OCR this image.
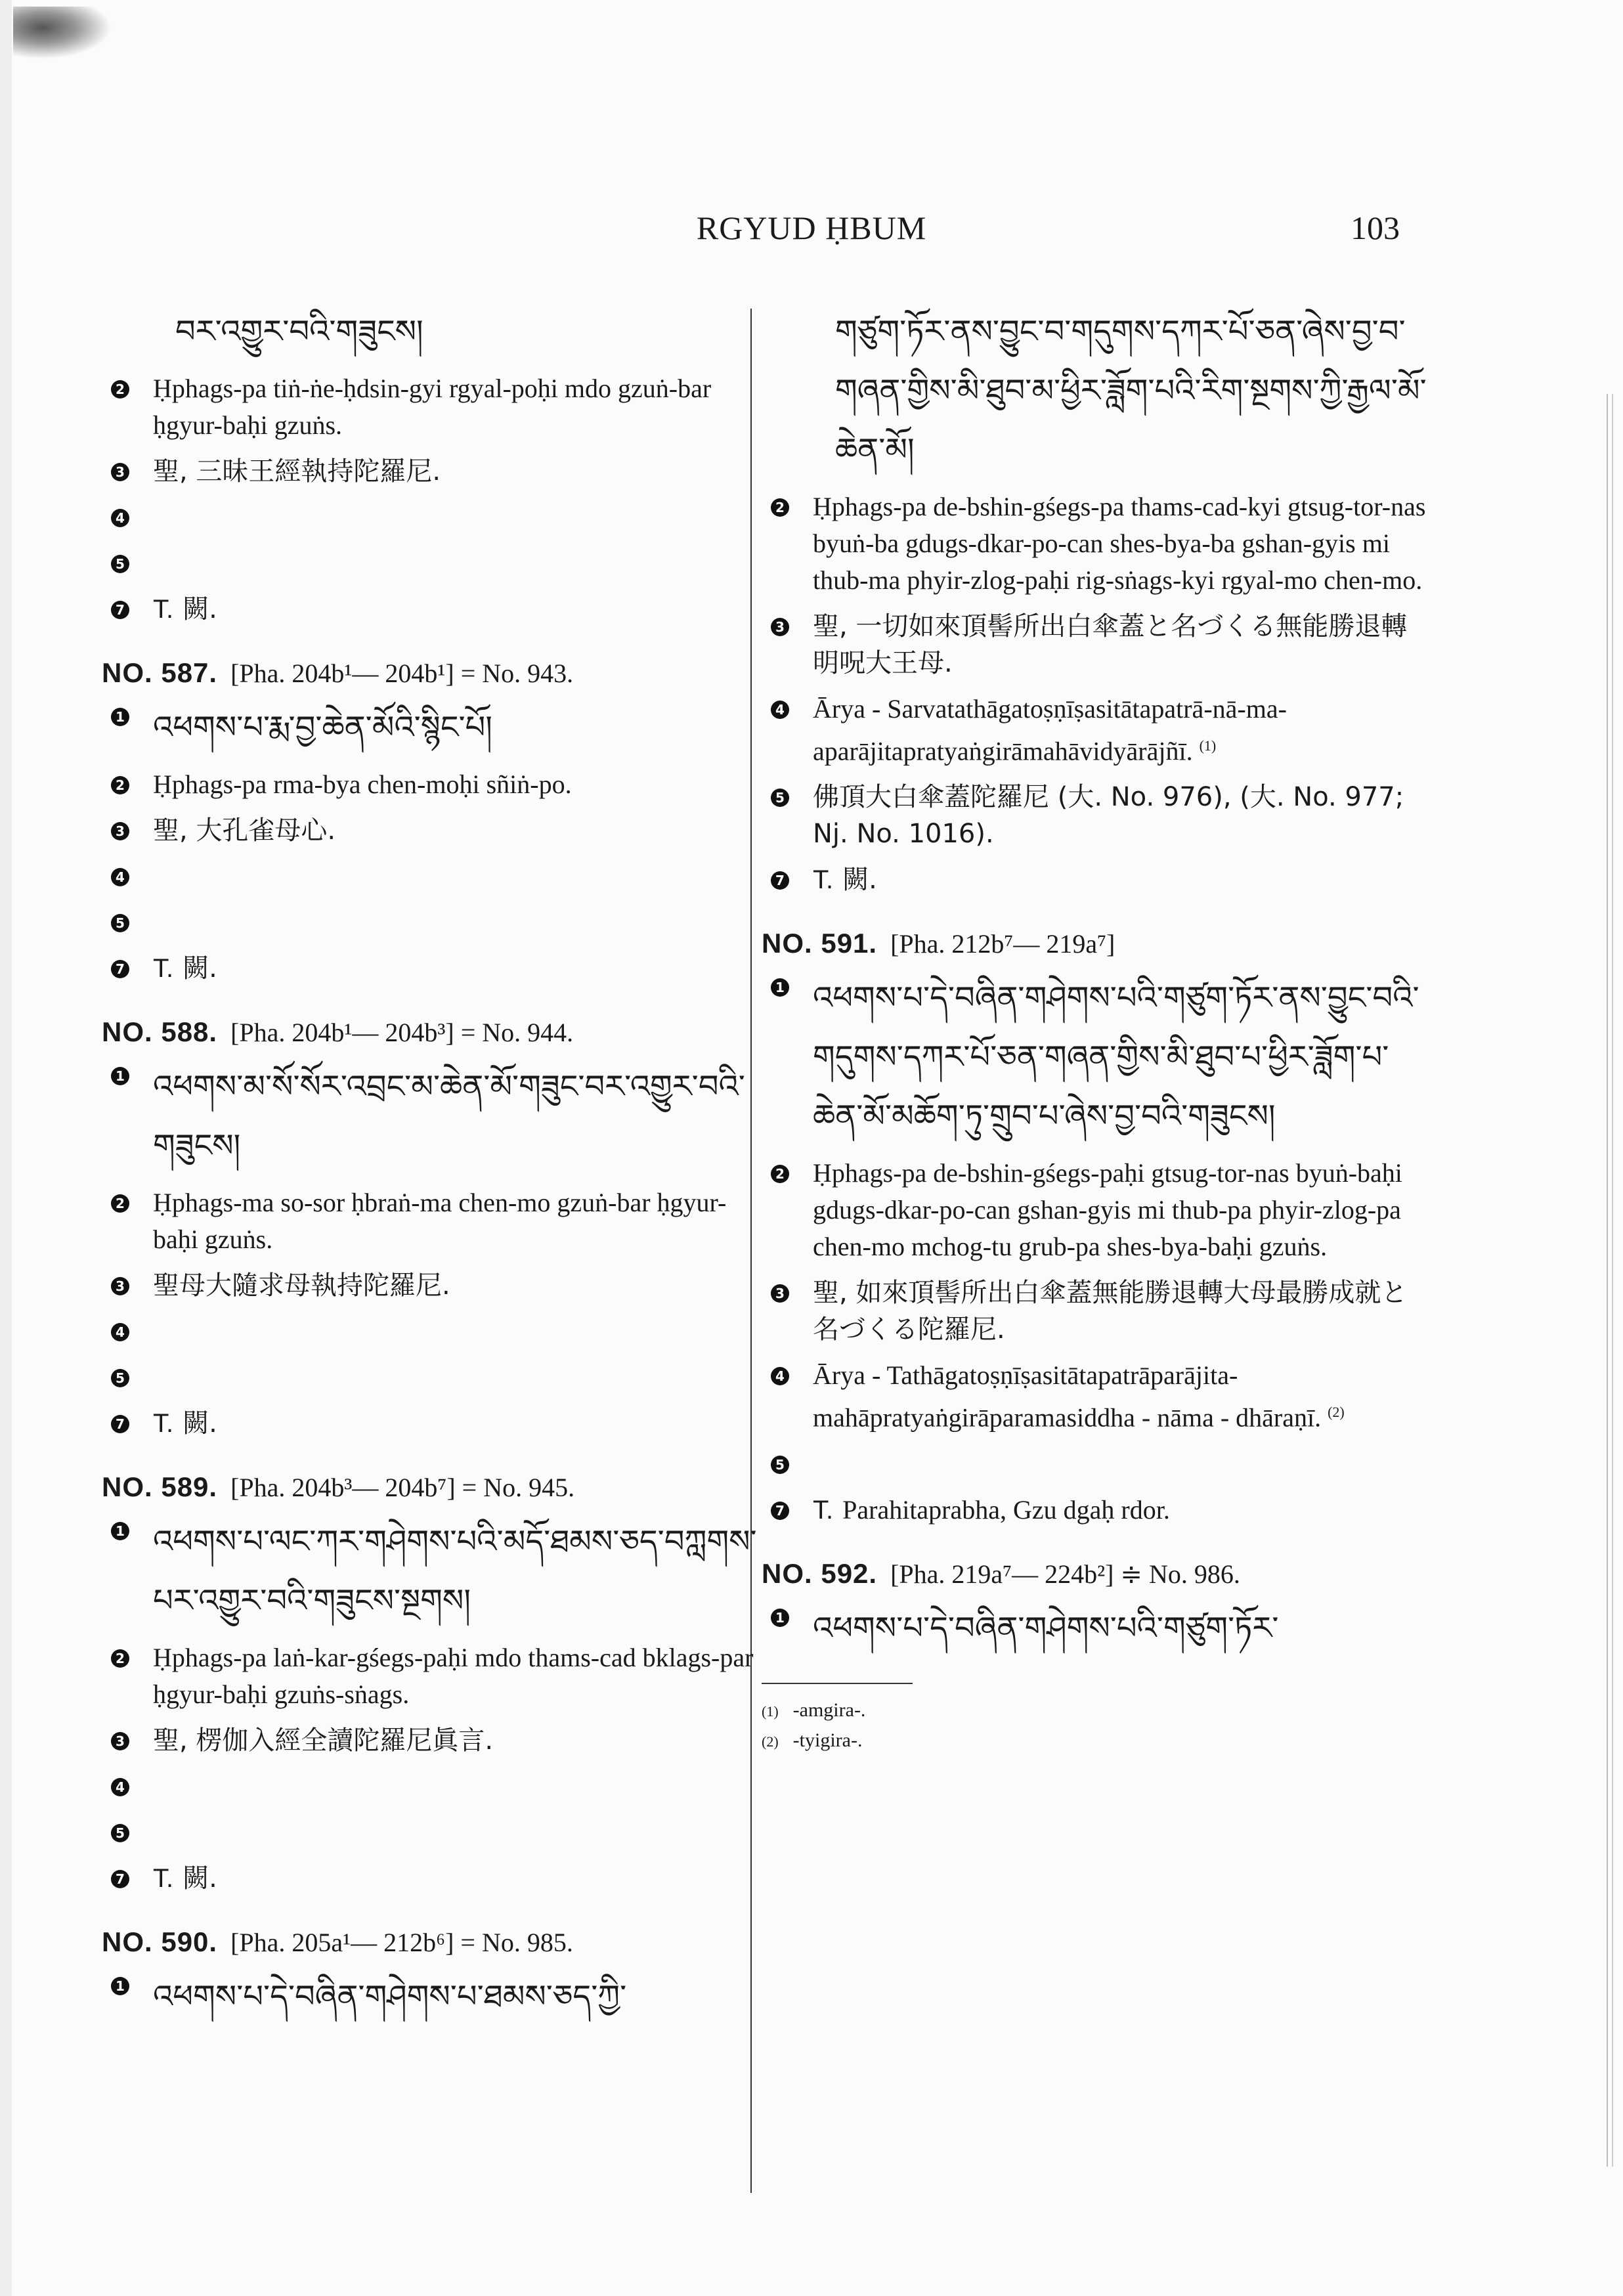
RGYUD ḤBUM	103
བར་འགྱུར་བའི་གཟུངས།
2 Ḥphags-pa tiṅ-ṅe-ḥdsin-gyi rgyal-poḥi mdo gzuṅ-bar ḥgyur-baḥi gzuṅs.
3 聖, 三昧王經執持陀羅尼.
4

5

7 T. 闕.
NO. 587. [Pha. 204b¹— 204b¹] = No. 943.
1 འཕགས་པ་རྨ་བྱ་ཆེན་མོའི་སྙིང་པོ།
2 Ḥphags-pa rma-bya chen-moḥi sñiṅ-po.
3 聖, 大孔雀母心.
4

5

7 T. 闕.
NO. 588. [Pha. 204b¹— 204b³] = No. 944.
1 འཕགས་མ་སོ་སོར་འབྲང་མ་ཆེན་མོ་གཟུང་བར་འགྱུར་བའི་གཟུངས།
2 Ḥphags-ma so-sor ḥbraṅ-ma chen-mo gzuṅ-bar ḥgyur-baḥi gzuṅs.
3 聖母大隨求母執持陀羅尼.
4

5

7 T. 闕.
NO. 589. [Pha. 204b³— 204b⁷] = No. 945.
1 འཕགས་པ་ལང་ཀར་གཤེགས་པའི་མདོ་ཐམས་ཅད་བཀླགས་པར་འགྱུར་བའི་གཟུངས་སྔགས།
2 Ḥphags-pa laṅ-kar-gśegs-paḥi mdo thams-cad bklags-par ḥgyur-baḥi gzuṅs-sṅags.
3 聖, 楞伽入經全讀陀羅尼眞言.
4

5

7 T. 闕.
NO. 590. [Pha. 205a¹— 212b⁶] = No. 985.
1 འཕགས་པ་དེ་བཞིན་གཤེགས་པ་ཐམས་ཅད་ཀྱི་
གཙུག་ཏོར་ནས་བྱུང་བ་གདུགས་དཀར་པོ་ཅན་ཞེས་བྱ་བ་གཞན་གྱིས་མི་ཐུབ་མ་ཕྱིར་ཟློག་པའི་རིག་སྔགས་ཀྱི་རྒྱལ་མོ་ཆེན་མོ།
2 Ḥphags-pa de-bshin-gśegs-pa thams-cad-kyi gtsug-tor-nas byuṅ-ba gdugs-dkar-po-can shes-bya-ba gshan-gyis mi thub-ma phyir-zlog-paḥi rig-sṅags-kyi rgyal-mo chen-mo.
3 聖, 一切如來頂髻所出白傘蓋と名づくる無能勝退轉明呪大王母.
4 Ārya - Sarvatathāgatoṣṇīṣasitātapatrā-nā-ma-aparājitapratyaṅgirāmahāvidyārājñī. $^{(1)}$
5 佛頂大白傘蓋陀羅尼 (大. No. 976), (大. No. 977; Nj. No. 1016).
7 T. 闕.
NO. 591. [Pha. 212b⁷— 219a⁷]
1 འཕགས་པ་དེ་བཞིན་གཤེགས་པའི་གཙུག་ཏོར་ནས་བྱུང་བའི་གདུགས་དཀར་པོ་ཅན་གཞན་གྱིས་མི་ཐུབ་པ་ཕྱིར་ཟློག་པ་ཆེན་མོ་མཆོག་ཏུ་གྲུབ་པ་ཞེས་བྱ་བའི་གཟུངས།
2 Ḥphags-pa de-bshin-gśegs-paḥi gtsug-tor-nas byuṅ-baḥi gdugs-dkar-po-can gshan-gyis mi thub-pa phyir-zlog-pa chen-mo mchog-tu grub-pa shes-bya-baḥi gzuṅs.
3 聖, 如來頂髻所出白傘蓋無能勝退轉大母最勝成就と名づくる陀羅尼.
4 Ārya - Tathāgatoṣṇīṣasitātapatrāparājita-mahāpratyaṅgirāparamasiddha - nāma - dhāraṇī. $^{(2)}$
5

7 T. Parahitaprabha, Gzu dgaḥ rdor.
NO. 592. [Pha. 219a⁷— 224b²] ≑ No. 986.
1 འཕགས་པ་དེ་བཞིན་གཤེགས་པའི་གཙུག་ཏོར་
(1) -amgira-.
(2) -tyigira-.
